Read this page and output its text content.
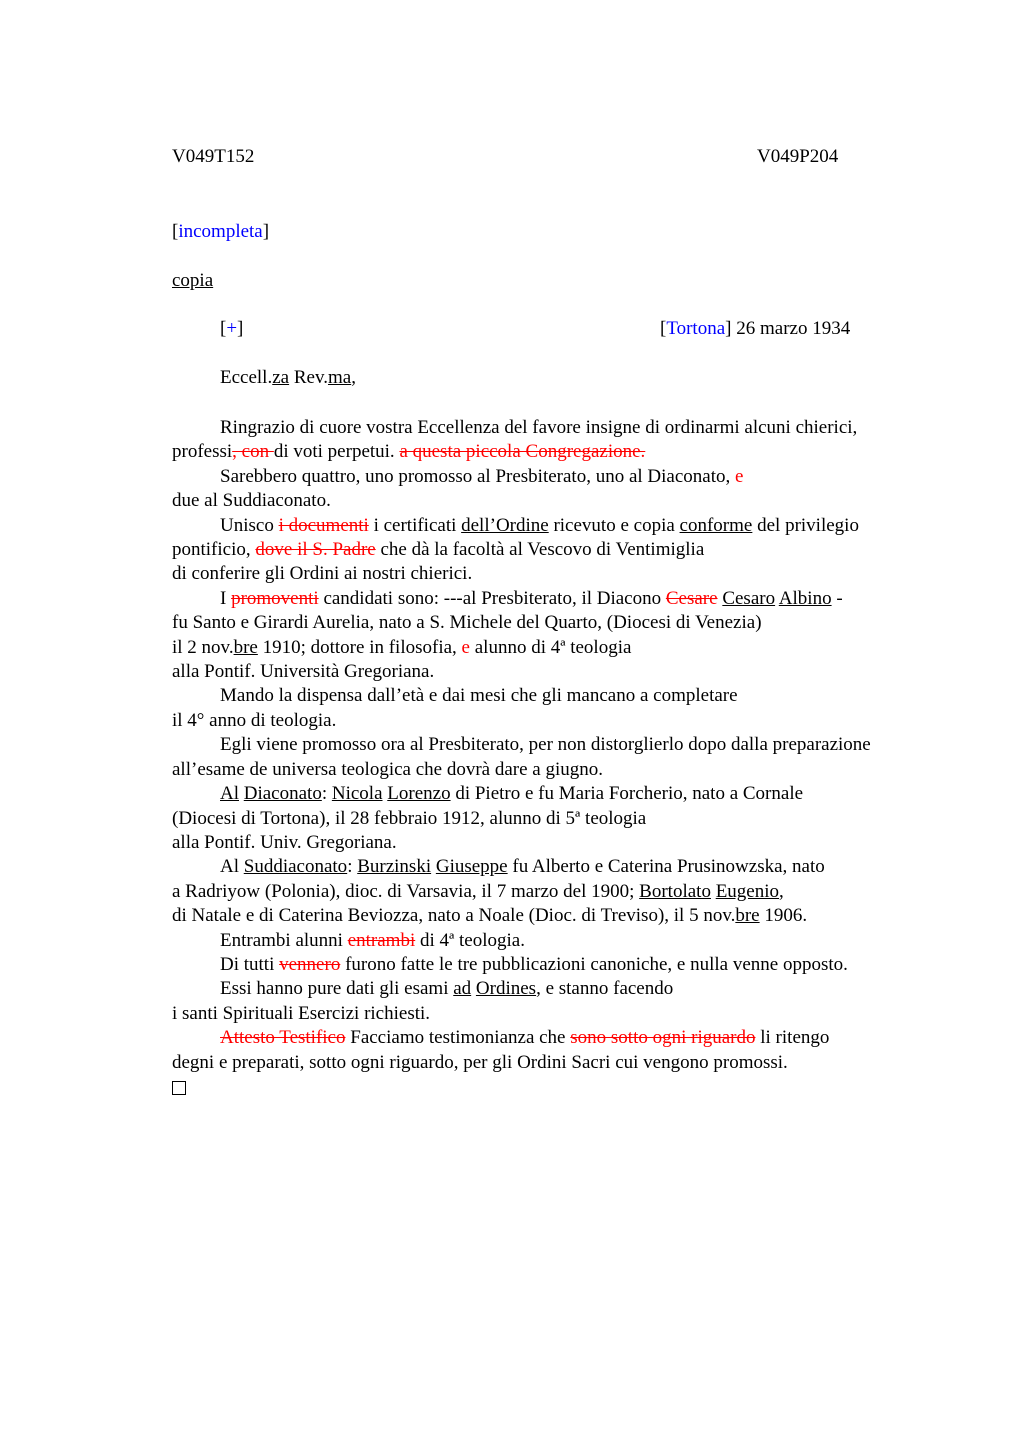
V049T152	V049P204
[incompleta]
copia
[+]	[Tortona] 26 marzo 1934
Eccell.za Rev.ma,

Ringrazio di cuore vostra Eccellenza del favore insigne di ordinarmi alcuni chierici,

professi, con di voti perpetui. a questa piccola Congregazione.

Sarebbero quattro, uno promosso al Presbiterato, uno al Diaconato, e

due al Suddiaconato.

Unisco i documenti i certificati dell’Ordine ricevuto e copia conforme del privilegio

pontificio, dove il S. Padre che dà la facoltà al Vescovo di Ventimiglia

di conferire gli Ordini ai nostri chierici.

I promoventi candidati sono: ---al Presbiterato, il Diacono Cesare Cesaro Albino -

fu Santo e Girardi Aurelia, nato a S. Michele del Quarto, (Diocesi di Venezia)

il 2 nov.bre 1910; dottore in filosofia, e alunno di 4ª teologia

alla Pontif. Università Gregoriana.

Mando la dispensa dall’età e dai mesi che gli mancano a completare

il 4° anno di teologia.

Egli viene promosso ora al Presbiterato, per non distorglierlo dopo dalla preparazione

all’esame de universa teologica che dovrà dare a giugno.

Al Diaconato: Nicola Lorenzo di Pietro e fu Maria Forcherio, nato a Cornale

(Diocesi di Tortona), il 28 febbraio 1912, alunno di 5ª teologia

alla Pontif. Univ. Gregoriana.

Al Suddiaconato: Burzinski Giuseppe fu Alberto e Caterina Prusinowzska, nato

a Radriyow (Polonia), dioc. di Varsavia, il 7 marzo del 1900; Bortolato Eugenio,

di Natale e di Caterina Beviozza, nato a Noale (Dioc. di Treviso), il 5 nov.bre 1906.

Entrambi alunni entrambi di 4ª teologia.

Di tutti vennero furono fatte le tre pubblicazioni canoniche, e nulla venne opposto.

Essi hanno pure dati gli esami ad Ordines, e stanno facendo

i santi Spirituali Esercizi richiesti.

Attesto Testifico Facciamo testimonianza che sono sotto ogni riguardo li ritengo

degni e preparati, sotto ogni riguardo, per gli Ordini Sacri cui vengono promossi.
